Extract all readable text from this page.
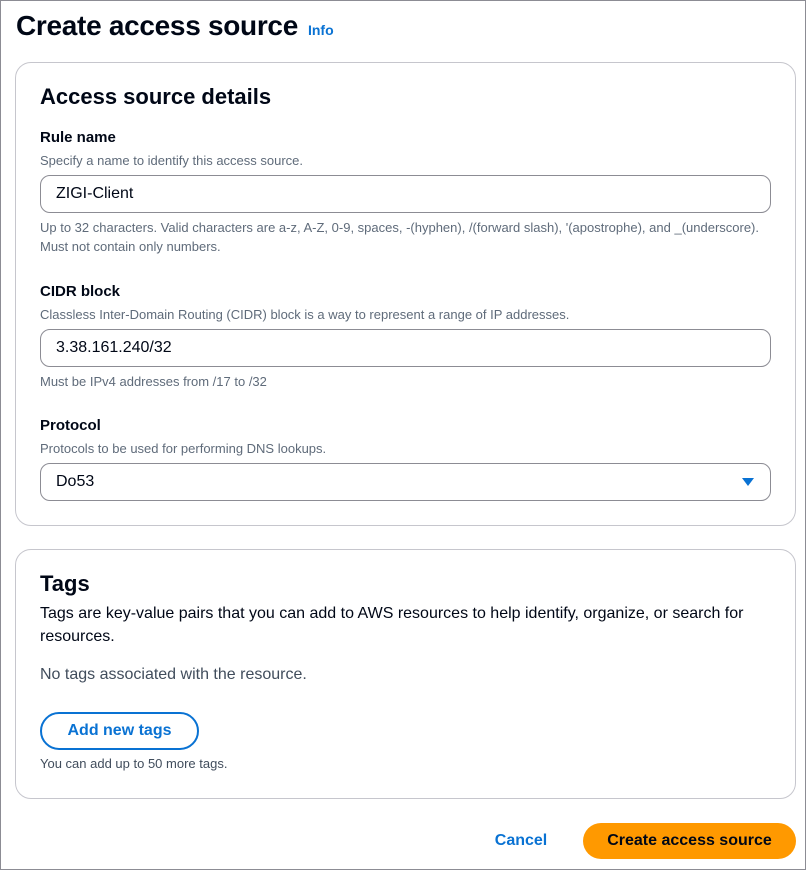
Create access source Info
Access source details
Rule name
Specify a name to identify this access source.
ZIGI-Client
Up to 32 characters. Valid characters are a-z, A-Z, 0-9, spaces, -(hyphen), /(forward slash), '(apostrophe), and _(underscore). Must not contain only numbers.
CIDR block
Classless Inter-Domain Routing (CIDR) block is a way to represent a range of IP addresses.
3.38.161.240/32
Must be IPv4 addresses from /17 to /32
Protocol
Protocols to be used for performing DNS lookups.
Do53
Tags
Tags are key-value pairs that you can add to AWS resources to help identify, organize, or search for resources.
No tags associated with the resource.
Add new tags
You can add up to 50 more tags.
Cancel	Create access source
